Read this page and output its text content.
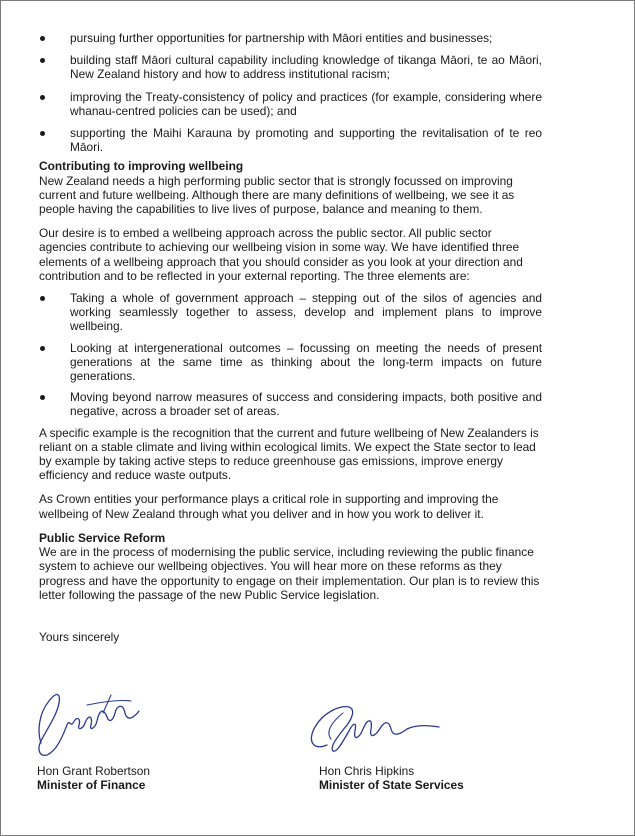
pursuing further opportunities for partnership with Māori entities and businesses;
building staff Māori cultural capability including knowledge of tikanga Māori, te ao Māori, New Zealand history and how to address institutional racism;
improving the Treaty-consistency of policy and practices (for example, considering where whanau-centred policies can be used); and
supporting the Maihi Karauna by promoting and supporting the revitalisation of te reo Māori.

Contributing to improving wellbeing

New Zealand needs a high performing public sector that is strongly focussed on improving current and future wellbeing. Although there are many definitions of wellbeing, we see it as people having the capabilities to live lives of purpose, balance and meaning to them.

Our desire is to embed a wellbeing approach across the public sector. All public sector agencies contribute to achieving our wellbeing vision in some way. We have identified three elements of a wellbeing approach that you should consider as you look at your direction and contribution and to be reflected in your external reporting. The three elements are:

Taking a whole of government approach – stepping out of the silos of agencies and working seamlessly together to assess, develop and implement plans to improve wellbeing.
Looking at intergenerational outcomes – focussing on meeting the needs of present generations at the same time as thinking about the long-term impacts on future generations.
Moving beyond narrow measures of success and considering impacts, both positive and negative, across a broader set of areas.

A specific example is the recognition that the current and future wellbeing of New Zealanders is reliant on a stable climate and living within ecological limits. We expect the State sector to lead by example by taking active steps to reduce greenhouse gas emissions, improve energy efficiency and reduce waste outputs.

As Crown entities your performance plays a critical role in supporting and improving the wellbeing of New Zealand through what you deliver and in how you work to deliver it.

Public Service Reform

We are in the process of modernising the public service, including reviewing the public finance system to achieve our wellbeing objectives. You will hear more on these reforms as they progress and have the opportunity to engage on their implementation. Our plan is to review this letter following the passage of the new Public Service legislation.

Yours sincerely

Hon Grant Robertson
Minister of Finance
Hon Chris Hipkins
Minister of State Services
